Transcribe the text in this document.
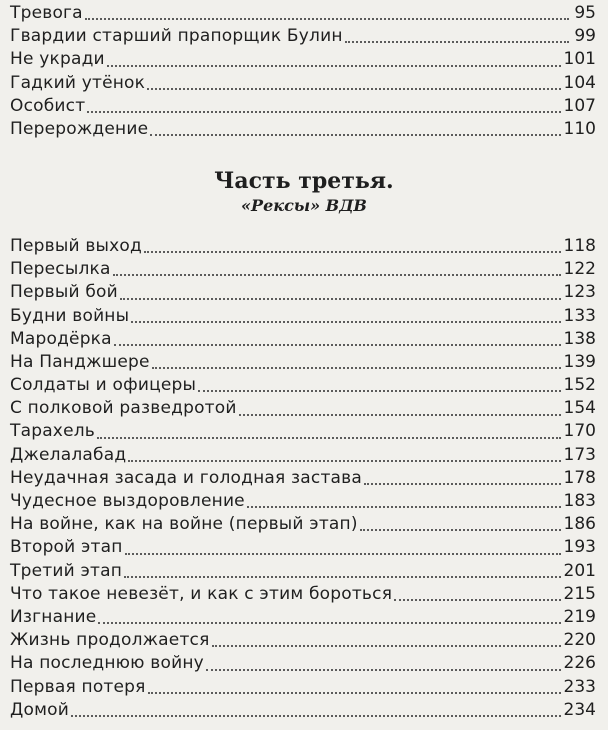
Тревога	95
Гвардии старший прапорщик Булин	99
Не укради	101
Гадкий утёнок	104
Особист	107
Перерождение	110
Часть третья.
«Рексы» ВДВ
Первый выход	118
Пересылка	122
Первый бой	123
Будни войны	133
Мародёрка	138
На Панджшере	139
Солдаты и офицеры	152
С полковой разведротой	154
Тарахель	170
Джелалабад	173
Неудачная засада и голодная застава	178
Чудесное выздоровление	183
На войне, как на войне (первый этап)	186
Второй этап	193
Третий этап	201
Что такое невезёт, и как с этим бороться	215
Изгнание	219
Жизнь продолжается	220
На последнюю войну	226
Первая потеря	233
Домой	234
